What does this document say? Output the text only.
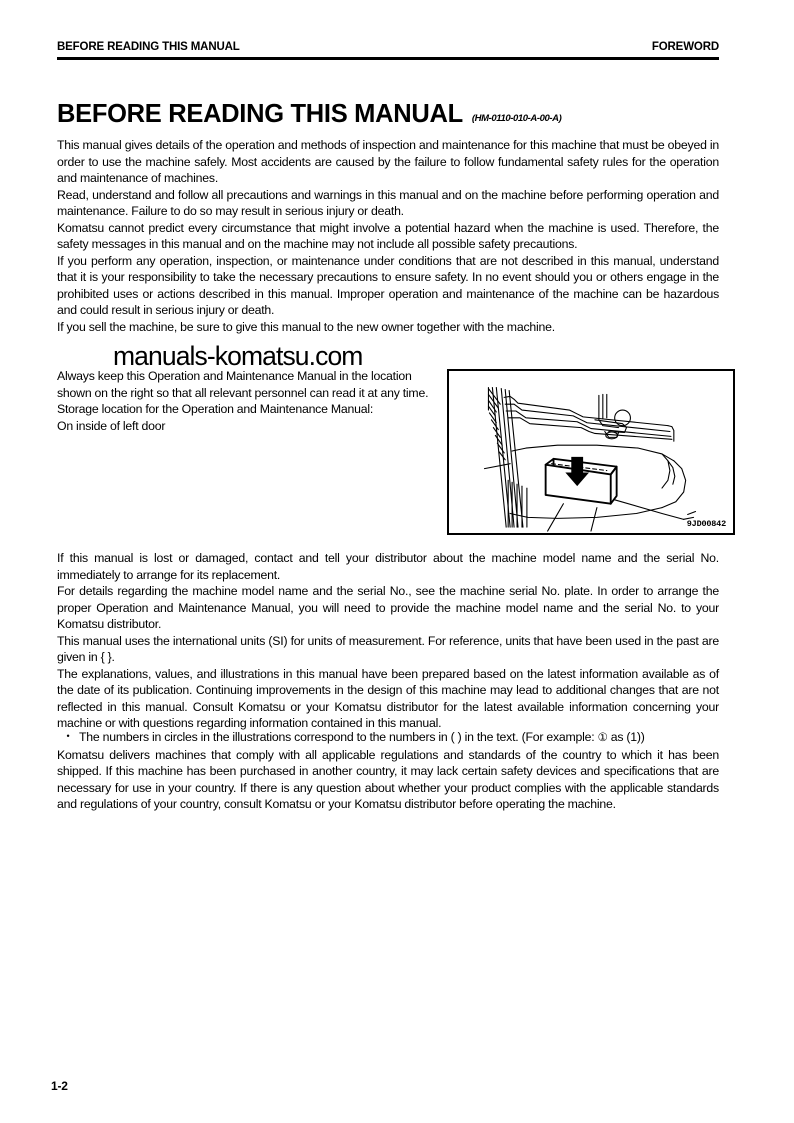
BEFORE READING THIS MANUAL	FOREWORD
BEFORE READING THIS MANUAL (HM-0110-010-A-00-A)

This manual gives details of the operation and methods of inspection and maintenance for this machine that must be obeyed in order to use the machine safely. Most accidents are caused by the failure to follow fundamental safety rules for the operation and maintenance of machines.

Read, understand and follow all precautions and warnings in this manual and on the machine before performing operation and maintenance. Failure to do so may result in serious injury or death.

Komatsu cannot predict every circumstance that might involve a potential hazard when the machine is used. Therefore, the safety messages in this manual and on the machine may not include all possible safety precautions.

If you perform any operation, inspection, or maintenance under conditions that are not described in this manual, understand that it is your responsibility to take the necessary precautions to ensure safety. In no event should you or others engage in the prohibited uses or actions described in this manual. Improper operation and maintenance of the machine can be hazardous and could result in serious injury or death.

If you sell the machine, be sure to give this manual to the new owner together with the machine.

manuals-komatsu.com

Always keep this Operation and Maintenance Manual in the location shown on the right so that all relevant personnel can read it at any time.

Storage location for the Operation and Maintenance Manual:

On inside of left door

9JD00842

If this manual is lost or damaged, contact and tell your distributor about the machine model name and the serial No. immediately to arrange for its replacement.

For details regarding the machine model name and the serial No., see the machine serial No. plate. In order to arrange the proper Operation and Maintenance Manual, you will need to provide the machine model name and the serial No. to your Komatsu distributor.

This manual uses the international units (SI) for units of measurement. For reference, units that have been used in the past are given in { }.

The explanations, values, and illustrations in this manual have been prepared based on the latest information available as of the date of its publication. Continuing improvements in the design of this machine may lead to additional changes that are not reflected in this manual. Consult Komatsu or your Komatsu distributor for the latest available information concerning your machine or with questions regarding information contained in this manual.

• The numbers in circles in the illustrations correspond to the numbers in ( ) in the text. (For example: ① as (1))

Komatsu delivers machines that comply with all applicable regulations and standards of the country to which it has been shipped. If this machine has been purchased in another country, it may lack certain safety devices and specifications that are necessary for use in your country. If there is any question about whether your product complies with the applicable standards and regulations of your country, consult Komatsu or your Komatsu distributor before operating the machine.

1-2
